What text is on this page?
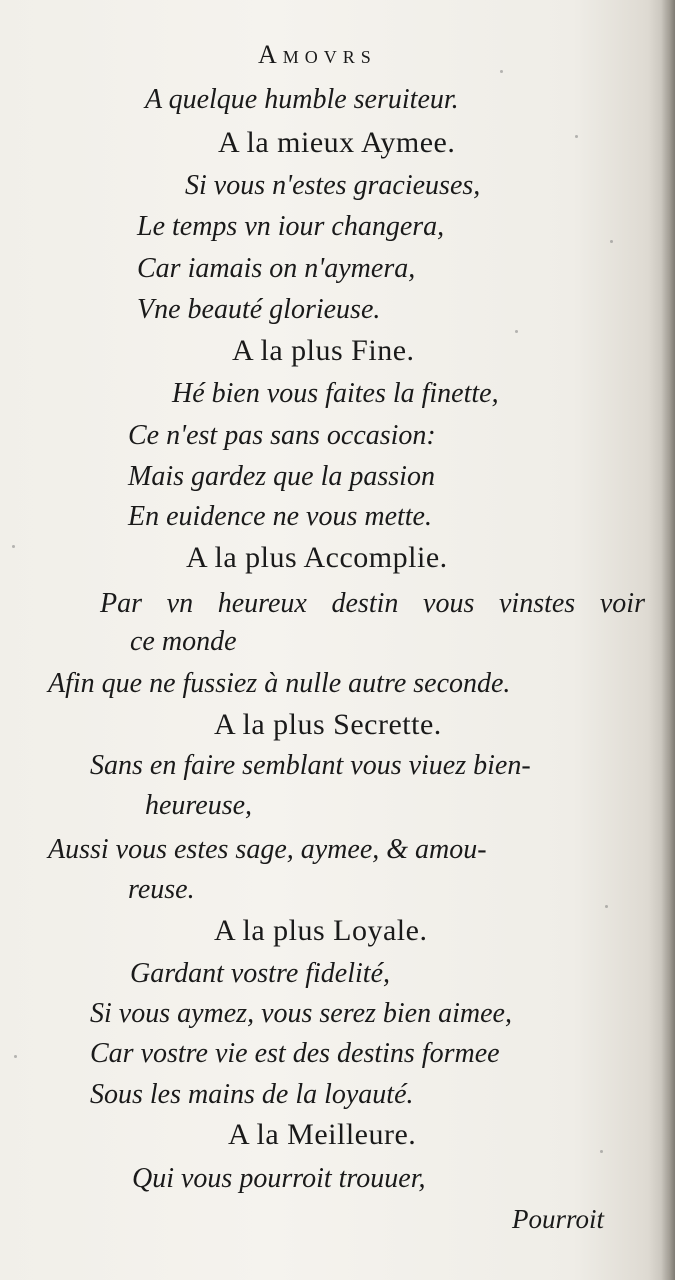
Amovrs
A quelque humble seruiteur.
A la mieux Aymee.
Si vous n'estes gracieuses,
Le temps vn iour changera,
Car iamais on n'aymera,
Vne beauté glorieuse.
A la plus Fine.
Hé bien vous faites la finette,
Ce n'est pas sans occasion:
Mais gardez que la passion
En euidence ne vous mette.
A la plus Accomplie.
Par vn heureux destin vous vinstes voir
ce monde
Afin que ne fussiez à nulle autre seconde.
A la plus Secrette.
Sans en faire semblant vous viuez bien-
heureuse,
Aussi vous estes sage, aymee, & amou-
reuse.
A la plus Loyale.
Gardant vostre fidelité,
Si vous aymez, vous serez bien aimee,
Car vostre vie est des destins formee
Sous les mains de la loyauté.
A la Meilleure.
Qui vous pourroit trouuer,
Pourroit
